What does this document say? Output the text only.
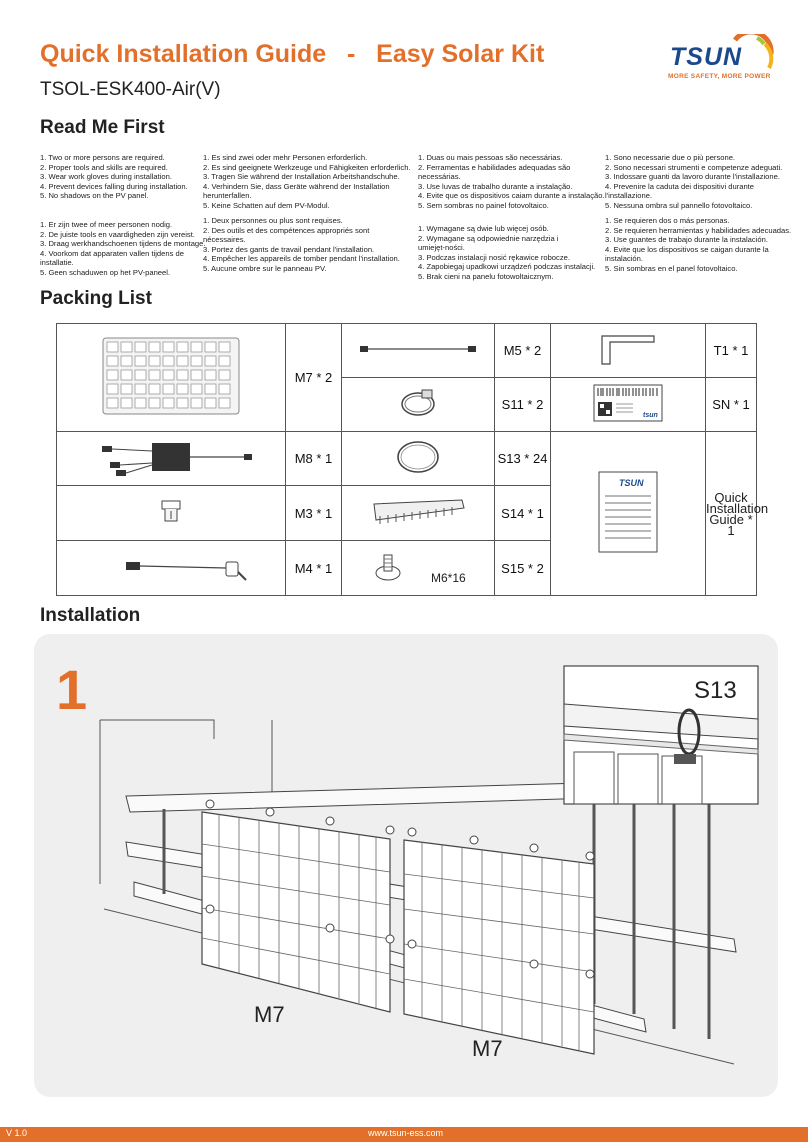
Quick Installation Guide   -   Easy Solar Kit
TSOL-ESK400-Air(V)
TSUN
MORE SAFETY, MORE POWER
Read Me First
1. Two or more persons are required.
2. Proper tools and skills are required.
3. Wear work gloves during installation.
4. Prevent devices falling during installation.
5. No shadows on the PV panel.
1. Er zijn twee of meer personen nodig.
2. De juiste tools en vaardigheden zijn vereist.
3. Draag werkhandschoenen tijdens de montage.
4. Voorkom dat apparaten vallen tijdens de installatie.
5. Geen schaduwen op het PV-paneel.
1. Es sind zwei oder mehr Personen erforderlich.
2. Es sind geeignete Werkzeuge und Fähigkeiten erforderlich.
3. Tragen Sie während der Installation Arbeitshandschuhe.
4. Verhindern Sie, dass Geräte während der Installation herunterfallen.
5. Keine Schatten auf dem PV-Modul.
1. Deux personnes ou plus sont requises.
2. Des outils et des compétences appropriés sont nécessaires.
3. Portez des gants de travail pendant l'installation.
4. Empêcher les appareils de tomber pendant l'installation.
5. Aucune ombre sur le panneau PV.
1. Duas ou mais pessoas são necessárias.
2. Ferramentas e habilidades adequadas são necessárias.
3. Use luvas de trabalho durante a instalação.
4. Evite que os dispositivos caiam durante a instalação.
5. Sem sombras no painel fotovoltaico.
1. Wymagane są dwie lub więcej osób.
2. Wymagane są odpowiednie narzędzia i umiejęt-ności.
3. Podczas instalacji nosić rękawice robocze.
4. Zapobiegaj upadkowi urządzeń podczas instalacji.
5. Brak cieni na panelu fotowoltaicznym.
1. Sono necessarie due o più persone.
2. Sono necessari strumenti e competenze adeguati.
3. Indossare guanti da lavoro durante l'installazione.
4. Prevenire la caduta dei dispositivi durante l'installazione.
5. Nessuna ombra sul pannello fotovoltaico.
1. Se requieren dos o más personas.
2. Se requieren herramientas y habilidades adecuadas.
3. Use guantes de trabajo durante la instalación.
4. Evite que los dispositivos se caigan durante la instalación.
5. Sin sombras en el panel fotovoltaico.
Packing List
	M7 * 2		M5 * 2		T1 * 1
	S11 * 2	tsun	SN * 1
	M8 * 1		S13 * 24	TSUN	Quick Installation Guide * 1
	M3 * 1		S14 * 1		
	M4 * 1	M6*16	S15 * 2		
Installation
1	S13
M7
M7
V 1.0	www.tsun-ess.com
